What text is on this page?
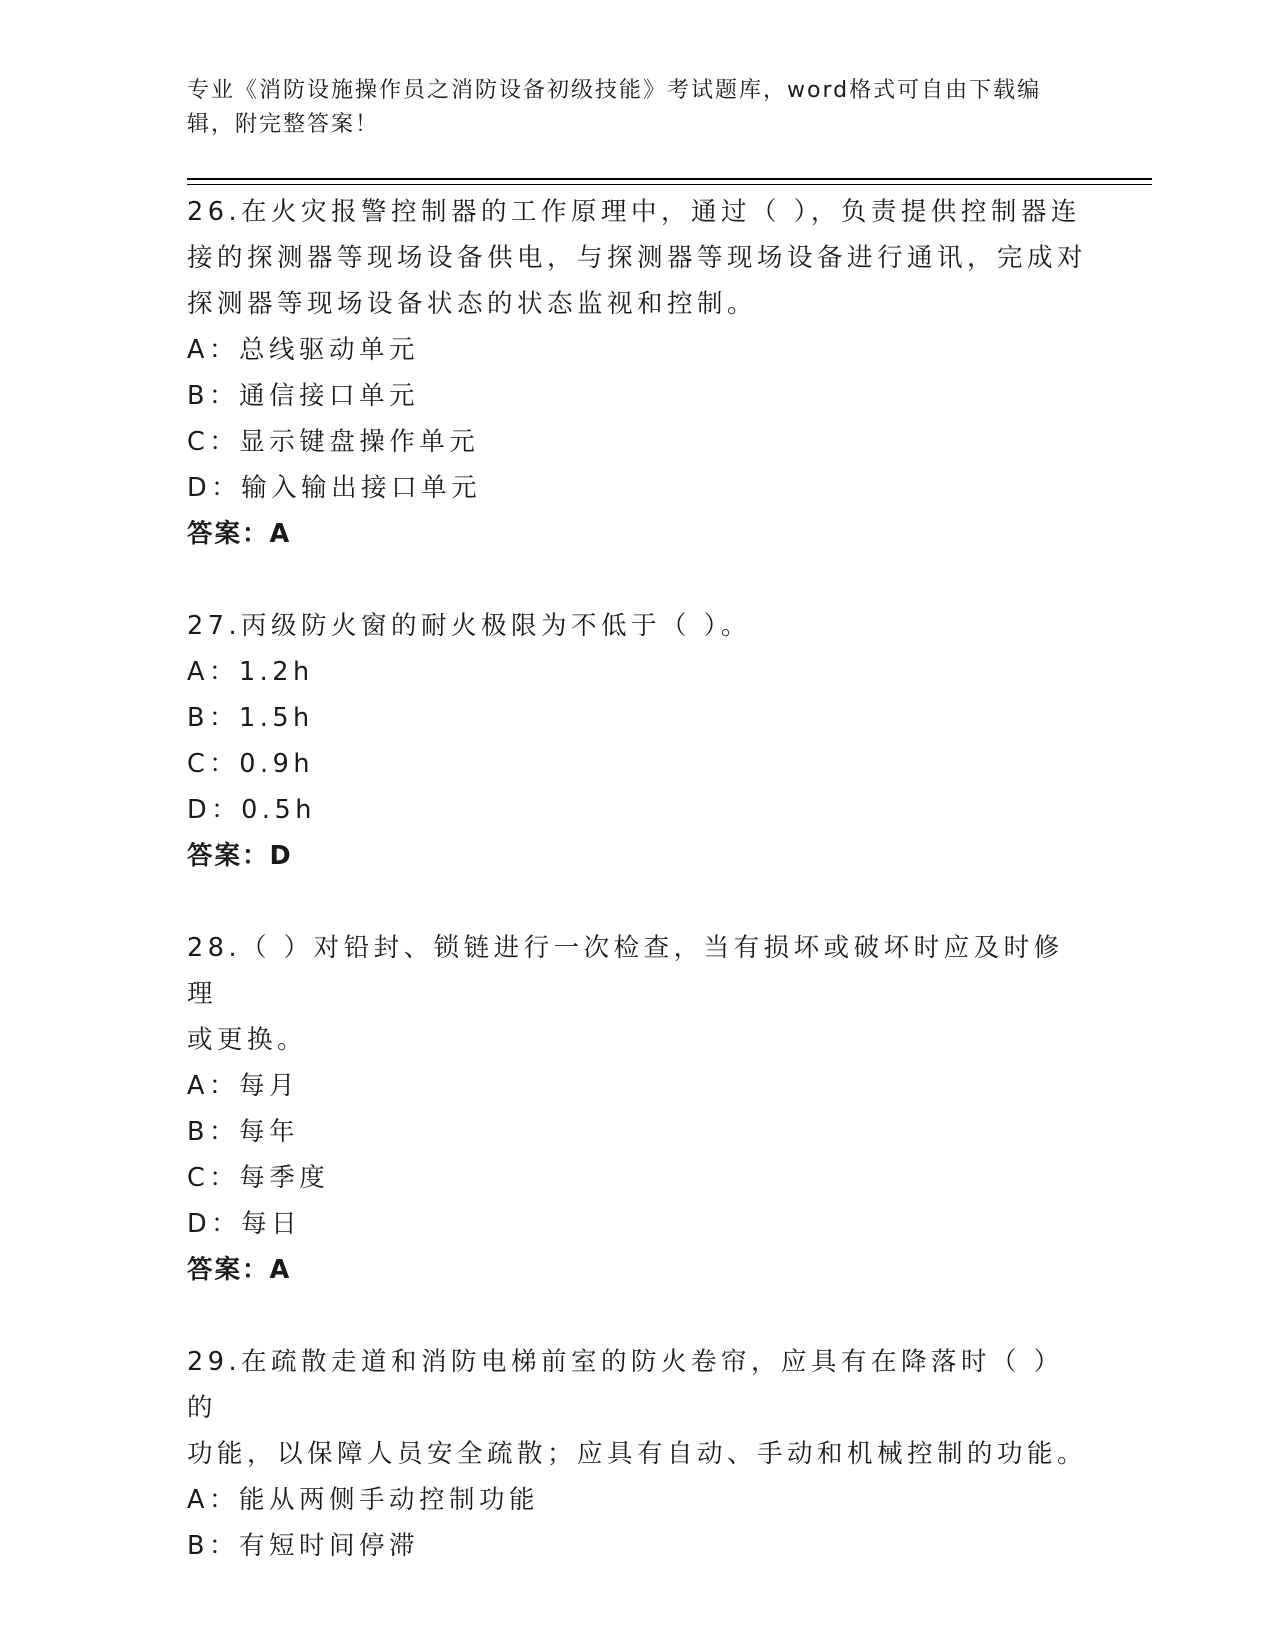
专业《消防设施操作员之消防设备初级技能》考试题库，word格式可自由下载编
辑，附完整答案！

26.在火灾报警控制器的工作原理中，通过（ ），负责提供控制器连

接的探测器等现场设备供电，与探测器等现场设备进行通讯，完成对

探测器等现场设备状态的状态监视和控制。

A：总线驱动单元

B：通信接口单元

C：显示键盘操作单元

D：输入输出接口单元

答案：A

27.丙级防火窗的耐火极限为不低于（ ）。

A：1.2h

B：1.5h

C：0.9h

D：0.5h

答案：D

28.（ ）对铅封、锁链进行一次检查，当有损坏或破坏时应及时修理

或更换。

A：每月

B：每年

C：每季度

D：每日

答案：A

29.在疏散走道和消防电梯前室的防火卷帘，应具有在降落时（ ）的

功能，以保障人员安全疏散；应具有自动、手动和机械控制的功能。

A：能从两侧手动控制功能

B：有短时间停滞
